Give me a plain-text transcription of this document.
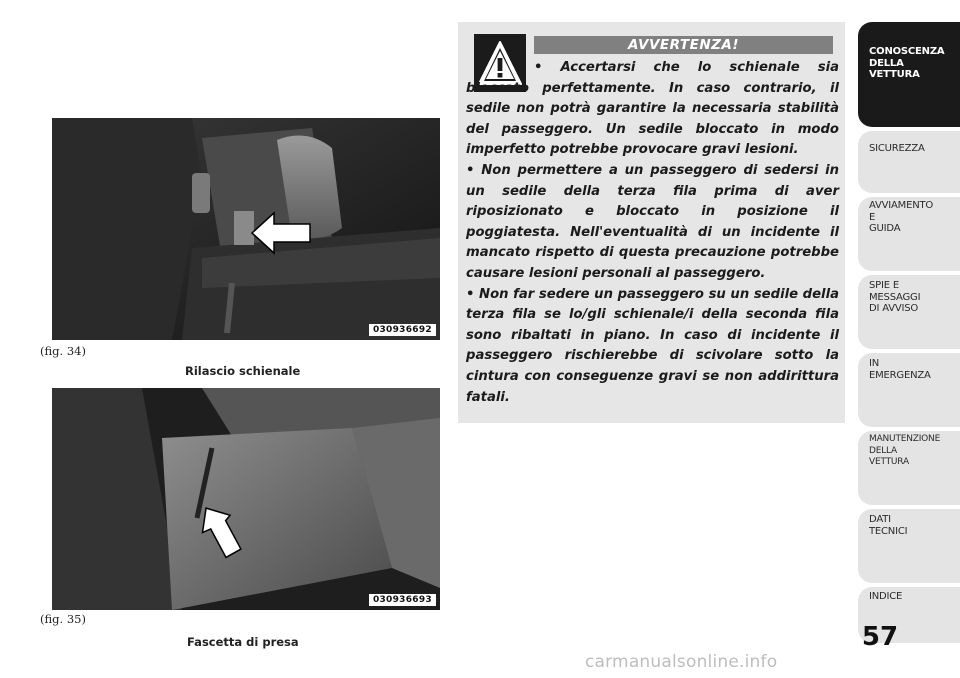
030936692
(fig. 34)
Rilascio schienale
030936693
(fig. 35)
Fascetta di presa
AVVERTENZA!

• Accertarsi che lo schienale sia bloccato perfettamente. In caso contrario, il sedile non potrà garantire la necessaria stabilità del passeggero. Un sedile bloccato in modo imperfetto potrebbe provocare gravi lesioni.

• Non permettere a un passeggero di sedersi in un sedile della terza fila prima di aver riposizionato e bloccato in posizione il poggiatesta. Nell'eventualità di un incidente il mancato rispetto di questa precauzione potrebbe causare lesioni personali al passeggero.

• Non far sedere un passeggero su un sedile della terza fila se lo/gli schienale/i della seconda fila sono ribaltati in piano. In caso di incidente il passeggero rischierebbe di scivolare sotto la cintura con conseguenze gravi se non addirittura fatali.

CONOSCENZA
DELLA
VETTURA
SICUREZZA
AVVIAMENTO
E
GUIDA
SPIE E
MESSAGGI
DI AVVISO
IN
EMERGENZA
MANUTENZIONE
DELLA
VETTURA
DATI
TECNICI
INDICE
57
carmanualsonline.info
